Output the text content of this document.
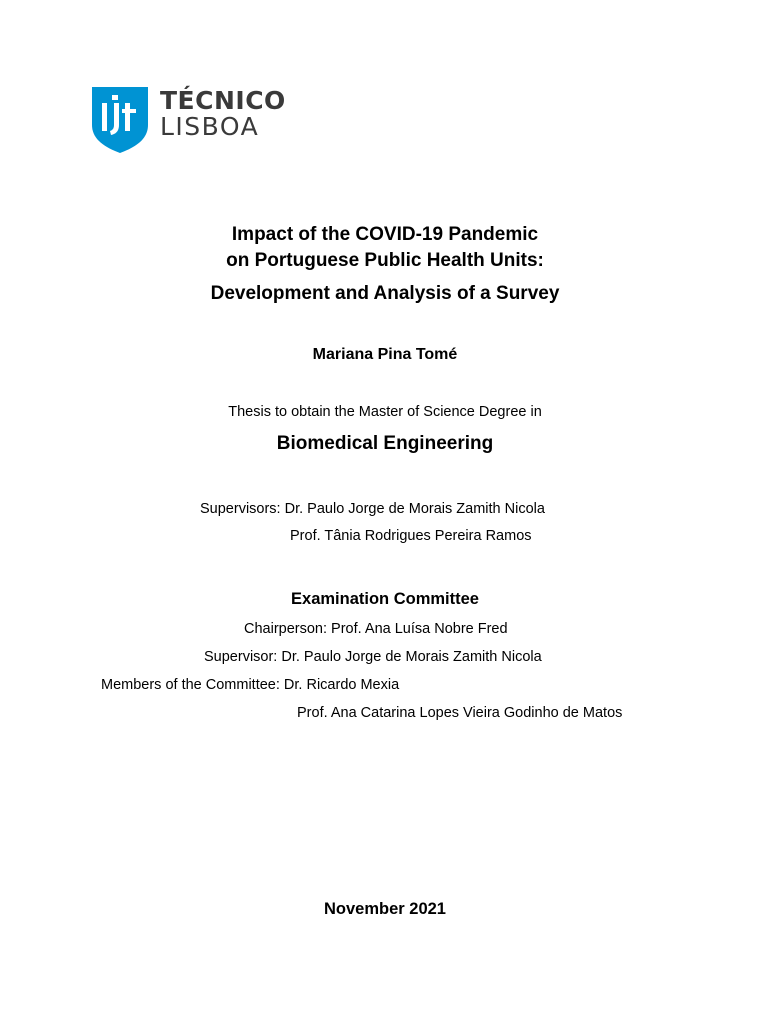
TÉCNICO
LISBOA
Impact of the COVID-19 Pandemic
on Portuguese Public Health Units:
Development and Analysis of a Survey
Mariana Pina Tomé
Thesis to obtain the Master of Science Degree in
Biomedical Engineering
Supervisors: Dr. Paulo Jorge de Morais Zamith Nicola
Prof. Tânia Rodrigues Pereira Ramos
Examination Committee
Chairperson: Prof. Ana Luísa Nobre Fred
Supervisor: Dr. Paulo Jorge de Morais Zamith Nicola
Members of the Committee: Dr. Ricardo Mexia
Prof. Ana Catarina Lopes Vieira Godinho de Matos
November 2021
